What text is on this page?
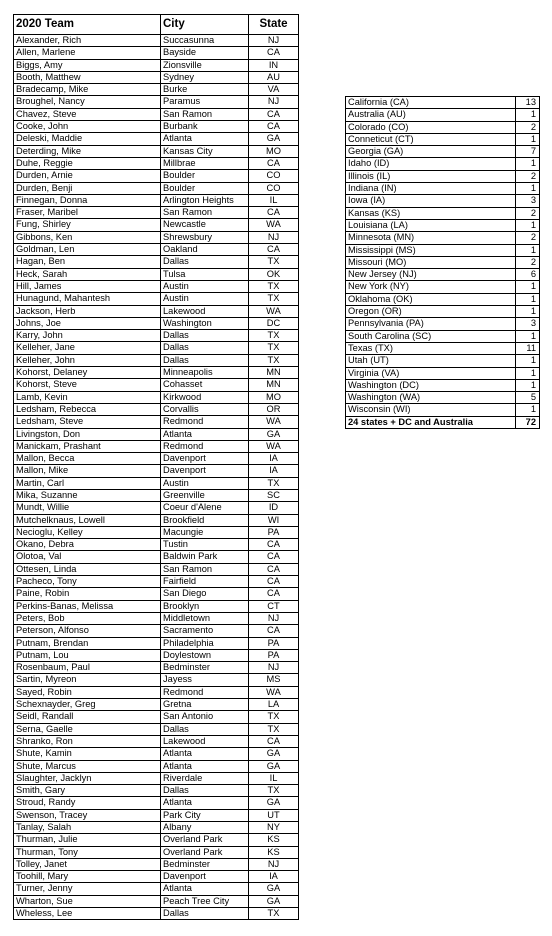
2020 Team	City	State
Alexander, Rich	Succasunna	NJ
Allen, Marlene	Bayside	CA
Biggs, Amy	Zionsville	IN
Booth, Matthew	Sydney	AU
Bradecamp, Mike	Burke	VA
Broughel, Nancy	Paramus	NJ
Chavez, Steve	San Ramon	CA
Cooke, John	Burbank	CA
Deleski, Maddie	Atlanta	GA
Deterding, Mike	Kansas City	MO
Duhe, Reggie	Millbrae	CA
Durden, Arnie	Boulder	CO
Durden, Benji	Boulder	CO
Finnegan, Donna	Arlington Heights	IL
Fraser, Maribel	San Ramon	CA
Fung, Shirley	Newcastle	WA
Gibbons, Ken	Shrewsbury	NJ
Goldman, Len	Oakland	CA
Hagan, Ben	Dallas	TX
Heck, Sarah	Tulsa	OK
Hill, James	Austin	TX
Hunagund, Mahantesh	Austin	TX
Jackson, Herb	Lakewood	WA
Johns, Joe	Washington	DC
Karry, John	Dallas	TX
Kelleher, Jane	Dallas	TX
Kelleher, John	Dallas	TX
Kohorst, Delaney	Minneapolis	MN
Kohorst, Steve	Cohasset	MN
Lamb, Kevin	Kirkwood	MO
Ledsham, Rebecca	Corvallis	OR
Ledsham, Steve	Redmond	WA
Livingston, Don	Atlanta	GA
Manickam, Prashant	Redmond	WA
Mallon, Becca	Davenport	IA
Mallon, Mike	Davenport	IA
Martin, Carl	Austin	TX
Mika, Suzanne	Greenville	SC
Mundt, Willie	Coeur d'Alene	ID
Mutchelknaus, Lowell	Brookfield	WI
Necioglu, Kelley	Macungie	PA
Okano, Debra	Tustin	CA
Olotoa, Val	Baldwin Park	CA
Ottesen, Linda	San Ramon	CA
Pacheco, Tony	Fairfield	CA
Paine, Robin	San Diego	CA
Perkins-Banas, Melissa	Brooklyn	CT
Peters, Bob	Middletown	NJ
Peterson, Alfonso	Sacramento	CA
Putnam, Brendan	Philadelphia	PA
Putnam, Lou	Doylestown	PA
Rosenbaum, Paul	Bedminster	NJ
Sartin, Myreon	Jayess	MS
Sayed, Robin	Redmond	WA
Schexnayder, Greg	Gretna	LA
Seidl, Randall	San Antonio	TX
Serna, Gaelle	Dallas	TX
Shranko, Ron	Lakewood	CA
Shute, Kamin	Atlanta	GA
Shute, Marcus	Atlanta	GA
Slaughter, Jacklyn	Riverdale	IL
Smith, Gary	Dallas	TX
Stroud, Randy	Atlanta	GA
Swenson, Tracey	Park City	UT
Tanlay, Salah	Albany	NY
Thurman, Julie	Overland Park	KS
Thurman, Tony	Overland Park	KS
Tolley, Janet	Bedminster	NJ
Toohill, Mary	Davenport	IA
Turner, Jenny	Atlanta	GA
Wharton, Sue	Peach Tree City	GA
Wheless, Lee	Dallas	TX
California (CA)	13
Australia (AU)	1
Colorado (CO)	2
Conneticut (CT)	1
Georgia (GA)	7
Idaho (ID)	1
Illinois (IL)	2
Indiana (IN)	1
Iowa (IA)	3
Kansas (KS)	2
Louisiana (LA)	1
Minnesota (MN)	2
Mississippi (MS)	1
Missouri (MO)	2
New Jersey (NJ)	6
New York (NY)	1
Oklahoma (OK)	1
Oregon (OR)	1
Pennsylvania (PA)	3
South Carolina (SC)	1
Texas (TX)	11
Utah (UT)	1
Virginia (VA)	1
Washington (DC)	1
Washington (WA)	5
Wisconsin (WI)	1
24 states + DC and Australia	72
